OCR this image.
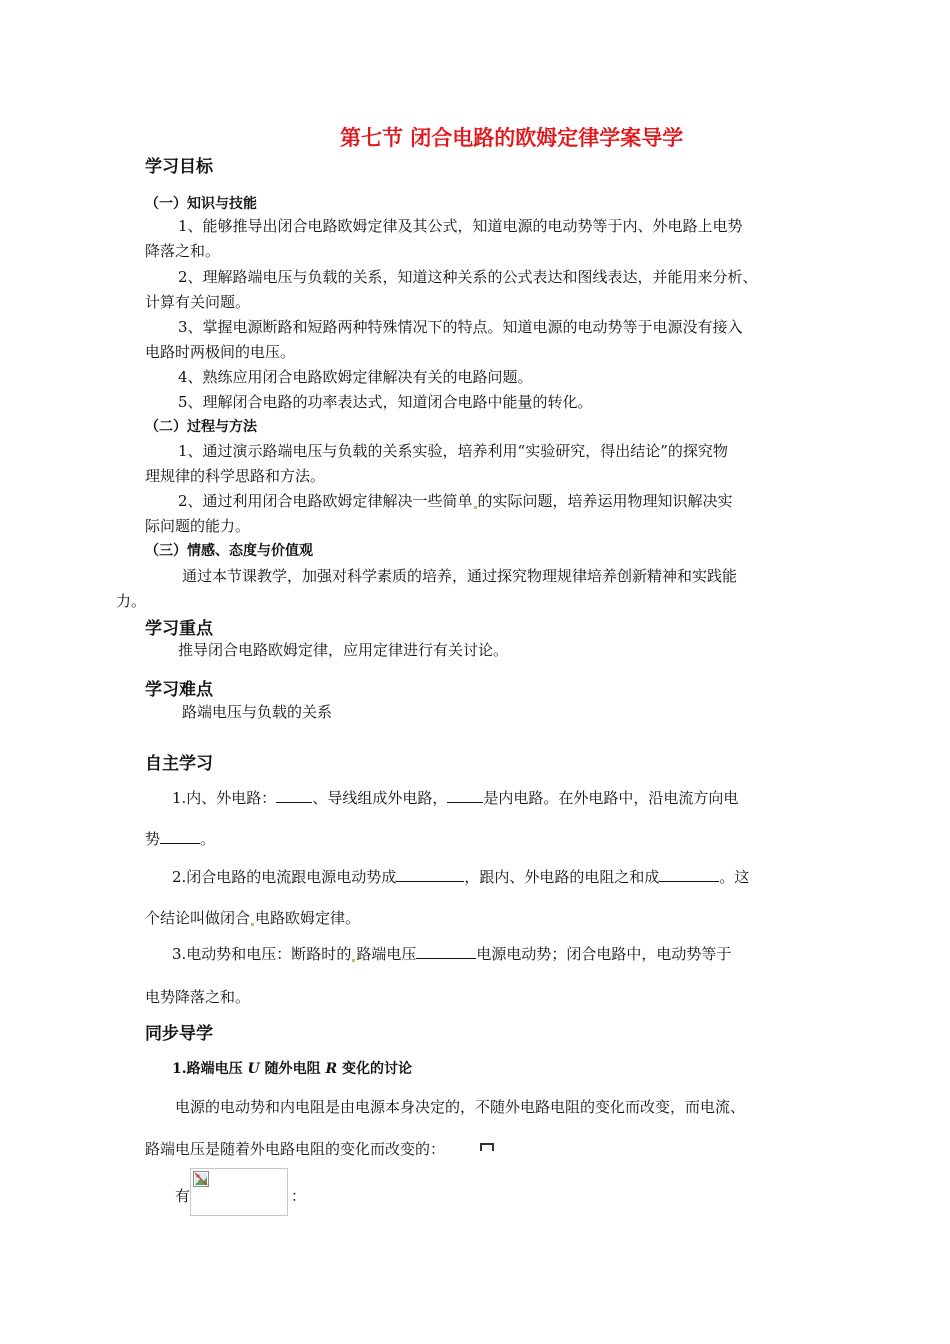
第七节 闭合电路的欧姆定律学案导学
学习目标
（一）知识与技能
1、能够推导出闭合电路欧姆定律及其公式，知道电源的电动势等于内、外电路上电势
降落之和。
2、理解路端电压与负载的关系，知道这种关系的公式表达和图线表达，并能用来分析、
计算有关问题。
3、掌握电源断路和短路两种特殊情况下的特点。知道电源的电动势等于电源没有接入
电路时两极间的电压。
4、熟练应用闭合电路欧姆定律解决有关的电路问题。
5、理解闭合电路的功率表达式，知道闭合电路中能量的转化。
（二）过程与方法
1、通过演示路端电压与负载的关系实验，培养利用“实验研究，得出结论”的探究物
理规律的科学思路和方法。
2、通过利用闭合电路欧姆定律解决一些简单 的实际问题，培养运用物理知识解决实
际问题的能力。
（三）情感、态度与价值观
通过本节课教学，加强对科学素质的培养，通过探究物理规律培养创新精神和实践能
力。
学习重点
推导闭合电路欧姆定律，应用定律进行有关讨论。
学习难点
路端电压与负载的关系
自主学习
1.内、外电路： 、导线组成外电路， 是内电路。在外电路中，沿电流方向电
势	。
2.闭合电路的电流跟电源电动势成	，跟内、外电路的电阻之和成	。这
个结论叫做闭合 电路欧姆定律。
3.电动势和电压：断路时的 路端电压	电源电动势；闭合电路中，电动势等于
电势降落之和。
同步导学
1.路端电压 U 随外电阻 R 变化的讨论
电源的电动势和内电阻是由电源本身决定的，不随外电路电阻的变化而改变，而电流、
路端电压是随着外电路电阻的变化而改变的：
有	：
